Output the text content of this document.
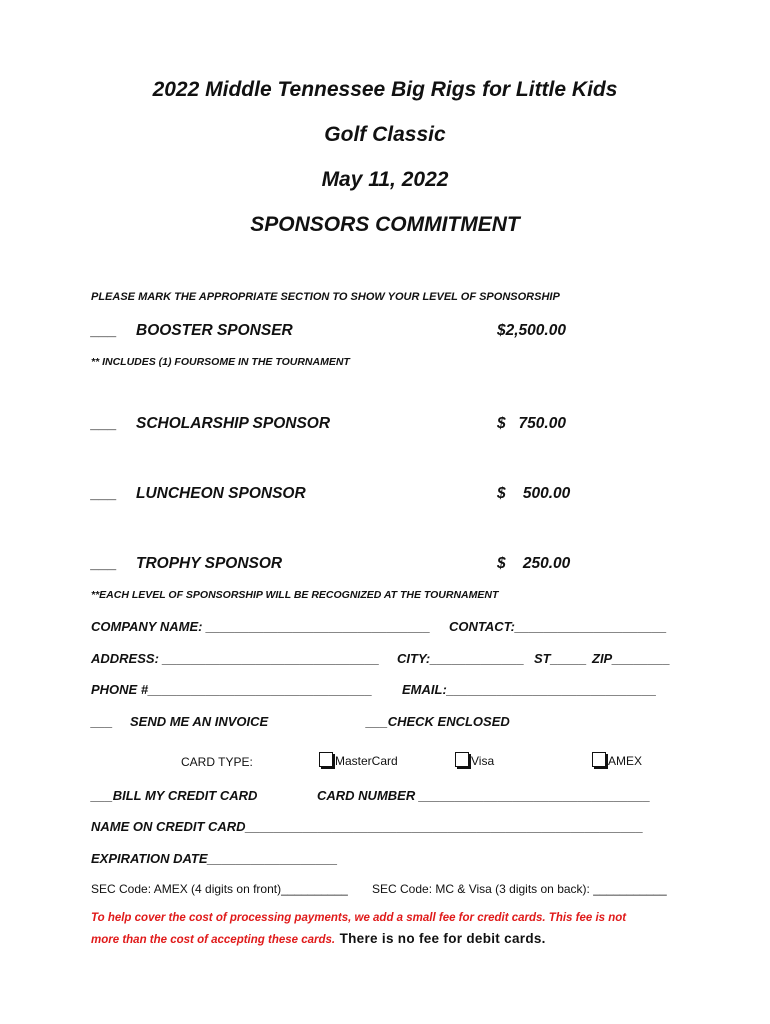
2022 Middle Tennessee Big Rigs for Little Kids
Golf Classic
May 11, 2022
SPONSORS COMMITMENT
PLEASE MARK THE APPROPRIATE SECTION TO SHOW YOUR LEVEL OF SPONSORSHIP
___ BOOSTER SPONSER	$2,500.00
** INCLUDES (1) FOURSOME IN THE TOURNAMENT
___ SCHOLARSHIP SPONSOR	$   750.00
___ LUNCHEON SPONSOR	$    500.00
___ TROPHY SPONSOR	$    250.00
**EACH LEVEL OF SPONSORSHIP WILL BE RECOGNIZED AT THE TOURNAMENT
COMPANY NAME: _______________________________ CONTACT:_____________________
ADDRESS: ______________________________ CITY:_____________ ST_____ ZIP________
PHONE #_______________________________ EMAIL:_____________________________
___ SEND ME AN INVOICE	___CHECK ENCLOSED
CARD TYPE:	MasterCard	Visa	AMEX
___BILL MY CREDIT CARD	CARD NUMBER ________________________________
NAME ON CREDIT CARD_______________________________________________________
EXPIRATION DATE__________________
SEC Code: AMEX (4 digits on front)__________ SEC Code: MC & Visa (3 digits on back): ___________
To help cover the cost of processing payments, we add a small fee for credit cards. This fee is not
more than the cost of accepting these cards. There is no fee for debit cards.
